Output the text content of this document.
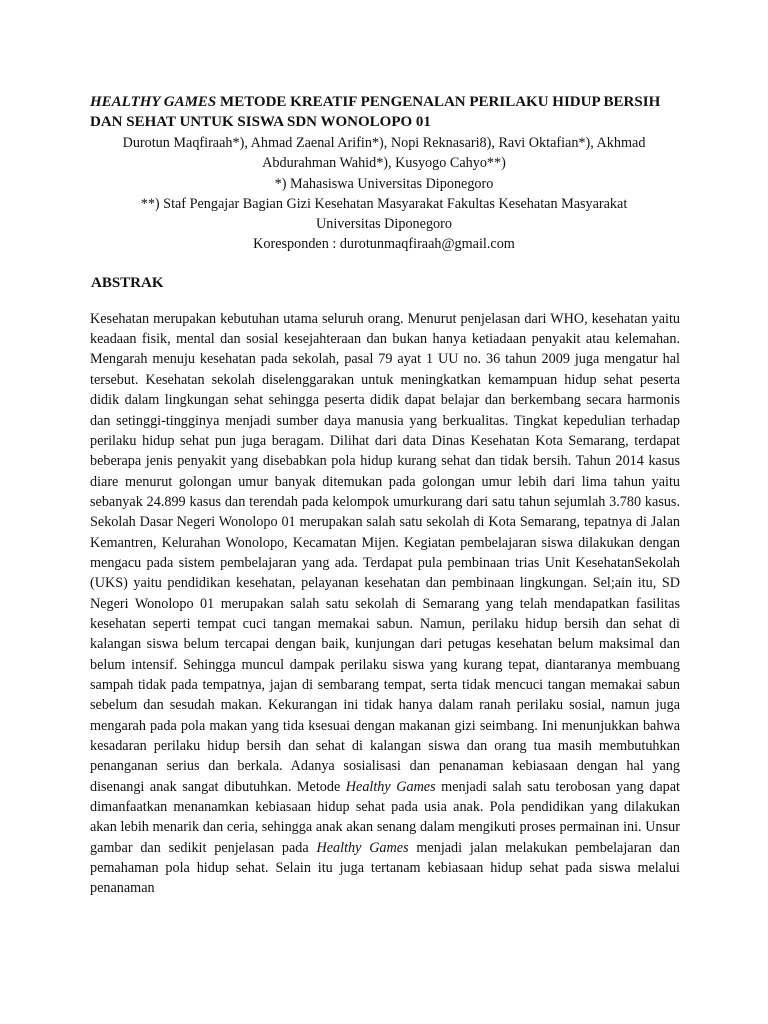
HEALTHY GAMES METODE KREATIF PENGENALAN PERILAKU HIDUP BERSIH DAN SEHAT UNTUK SISWA SDN WONOLOPO 01
Durotun Maqfiraah*), Ahmad Zaenal Arifin*), Nopi Reknasari8), Ravi Oktafian*), Akhmad
Abdurahman Wahid*), Kusyogo Cahyo**)
*) Mahasiswa Universitas Diponegoro
**) Staf Pengajar Bagian Gizi Kesehatan Masyarakat Fakultas Kesehatan Masyarakat
Universitas Diponegoro
Koresponden : durotunmaqfiraah@gmail.com
ABSTRAK

Kesehatan merupakan kebutuhan utama seluruh orang. Menurut penjelasan dari WHO, kesehatan yaitu keadaan fisik, mental dan sosial kesejahteraan dan bukan hanya ketiadaan penyakit atau kelemahan. Mengarah menuju kesehatan pada sekolah, pasal 79 ayat 1 UU no. 36 tahun 2009 juga mengatur hal tersebut. Kesehatan sekolah diselenggarakan untuk meningkatkan kemampuan hidup sehat peserta didik dalam lingkungan sehat sehingga peserta didik dapat belajar dan berkembang secara harmonis dan setinggi-tingginya menjadi sumber daya manusia yang berkualitas. Tingkat kepedulian terhadap perilaku hidup sehat pun juga beragam. Dilihat dari data Dinas Kesehatan Kota Semarang, terdapat beberapa jenis penyakit yang disebabkan pola hidup kurang sehat dan tidak bersih. Tahun 2014 kasus diare menurut golongan umur banyak ditemukan pada golongan umur lebih dari lima tahun yaitu sebanyak 24.899 kasus dan terendah pada kelompok umurkurang dari satu tahun sejumlah 3.780 kasus. Sekolah Dasar Negeri Wonolopo 01 merupakan salah satu sekolah di Kota Semarang, tepatnya di Jalan Kemantren, Kelurahan Wonolopo, Kecamatan Mijen. Kegiatan pembelajaran siswa dilakukan dengan mengacu pada sistem pembelajaran yang ada. Terdapat pula pembinaan trias Unit KesehatanSekolah (UKS) yaitu pendidikan kesehatan, pelayanan kesehatan dan pembinaan lingkungan. Sel;ain itu, SD Negeri Wonolopo 01 merupakan salah satu sekolah di Semarang yang telah mendapatkan fasilitas kesehatan seperti tempat cuci tangan memakai sabun. Namun, perilaku hidup bersih dan sehat di kalangan siswa belum tercapai dengan baik, kunjungan dari petugas kesehatan belum maksimal dan belum intensif. Sehingga muncul dampak perilaku siswa yang kurang tepat, diantaranya membuang sampah tidak pada tempatnya, jajan di sembarang tempat, serta tidak mencuci tangan memakai sabun sebelum dan sesudah makan. Kekurangan ini tidak hanya dalam ranah perilaku sosial, namun juga mengarah pada pola makan yang tida ksesuai dengan makanan gizi seimbang. Ini menunjukkan bahwa kesadaran perilaku hidup bersih dan sehat di kalangan siswa dan orang tua masih membutuhkan penanganan serius dan berkala. Adanya sosialisasi dan penanaman kebiasaan dengan hal yang disenangi anak sangat dibutuhkan. Metode Healthy Games menjadi salah satu terobosan yang dapat dimanfaatkan menanamkan kebiasaan hidup sehat pada usia anak. Pola pendidikan yang dilakukan akan lebih menarik dan ceria, sehingga anak akan senang dalam mengikuti proses permainan ini. Unsur gambar dan sedikit penjelasan pada Healthy Games menjadi jalan melakukan pembelajaran dan pemahaman pola hidup sehat. Selain itu juga tertanam kebiasaan hidup sehat pada siswa melalui penanaman
